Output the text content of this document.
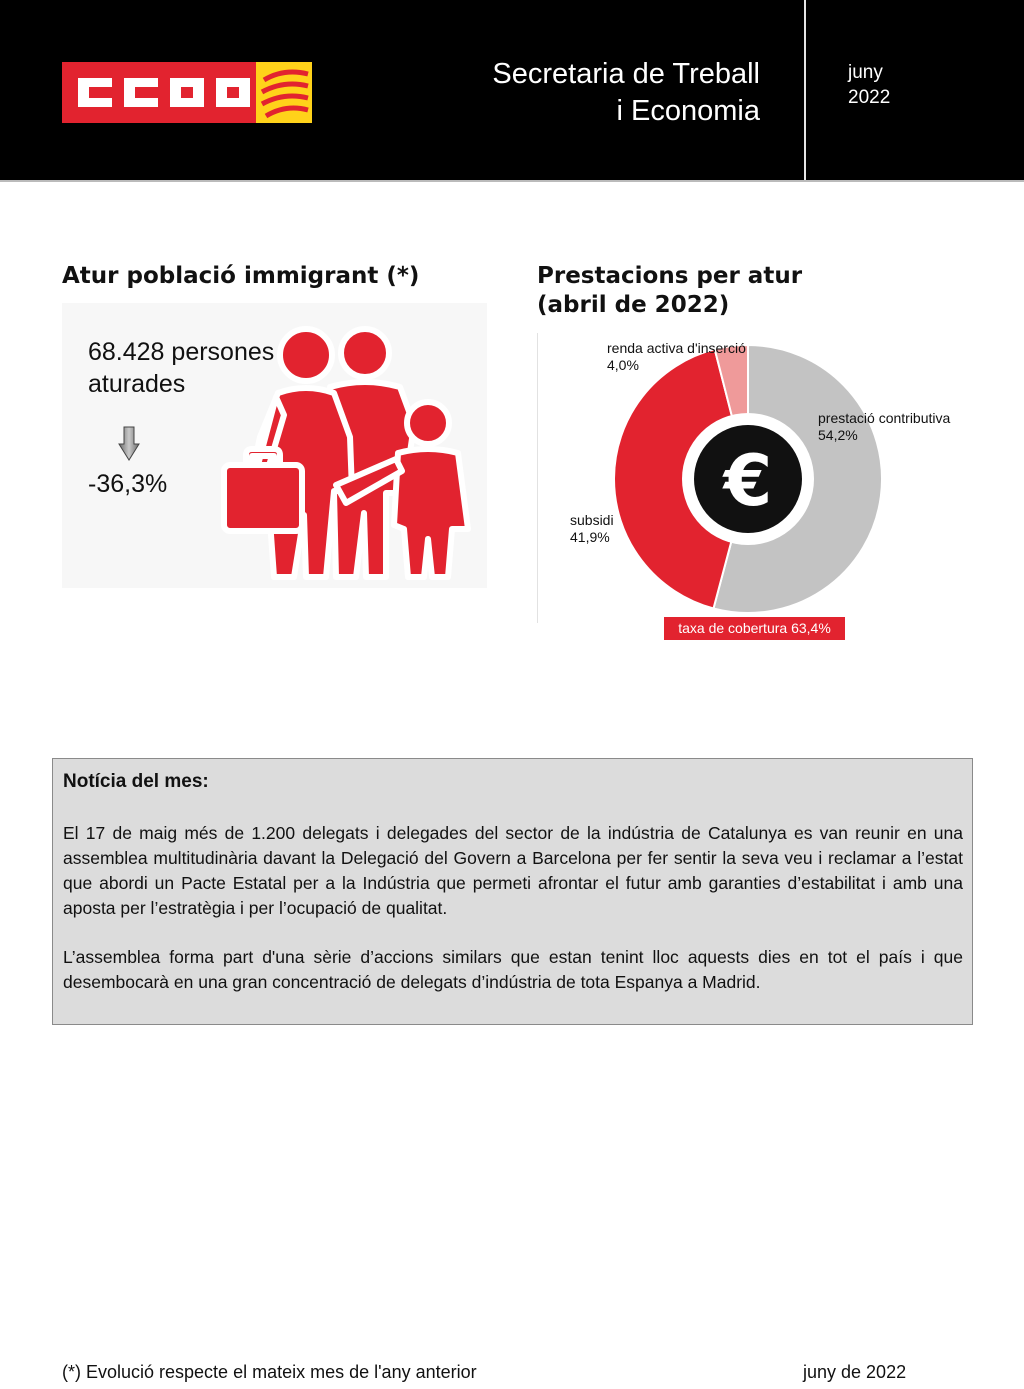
Secretaria de Treball
i Economia
juny
2022
Atur població immigrant (*)
68.428 persones
aturades
-36,3%
Prestacions per atur
(abril de 2022)
€
renda activa d'inserció
4,0%
prestació contributiva
54,2%
subsidi
41,9%
taxa de cobertura 63,4%
Notícia del mes:

El 17 de maig més de 1.200 delegats i delegades del sector de la indústria de Catalunya es van reunir en una assemblea multitudinària davant la Delegació del Govern a Barcelona per fer sentir la seva veu i reclamar a l’estat que abordi un Pacte Estatal per a la Indústria que permeti afrontar el futur amb garanties d’estabilitat i amb una aposta per l’estratègia i per l’ocupació de qualitat.

L’assemblea forma part d'una sèrie d’accions similars que estan tenint lloc aquests dies en tot el país i que desembocarà en una gran concentració de delegats d’indústria de tota Espanya a Madrid.

(*) Evolució respecte el mateix mes de l'any anterior	juny de 2022
